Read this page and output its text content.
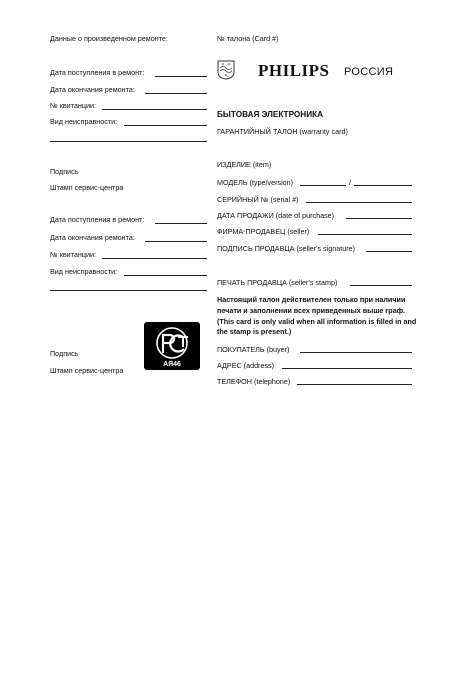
Данные о произведенном ремонте:
Дата поступления в ремонт:
Дата окончания ремонта:
№ квитанции:
Вид неисправности:
Подпись
Штамп сервис-центра
Дата поступления в ремонт:
Дата окончания ремонта:
№ квитанции:
Вид неисправности:
Подпись
Штамп сервис-центра
АЯ46
№ талона (Card #)
PHILIPS РОССИЯ
БЫТОВАЯ ЭЛЕКТРОНИКА
ГАРАНТИЙНЫЙ ТАЛОН (warranty card)
ИЗДЕЛИЕ (item)
МОДЕЛЬ (type/version)	/
СЕРИЙНЫЙ № (serial #)
ДАТА ПРОДАЖИ (date of purchase)
ФИРМА-ПРОДАВЕЦ (seller)
ПОДПИСЬ ПРОДАВЦА (seller's signature)
ПЕЧАТЬ ПРОДАВЦА (seller's stamp)
Настоящий талон действителен только при наличии печати и заполнении всех приведенных выше граф. (This card is only valid when all information is filled in and the stamp is present.)
ПОКУПАТЕЛЬ (buyer)
АДРЕС (address)
ТЕЛЕФОН (telephone)
